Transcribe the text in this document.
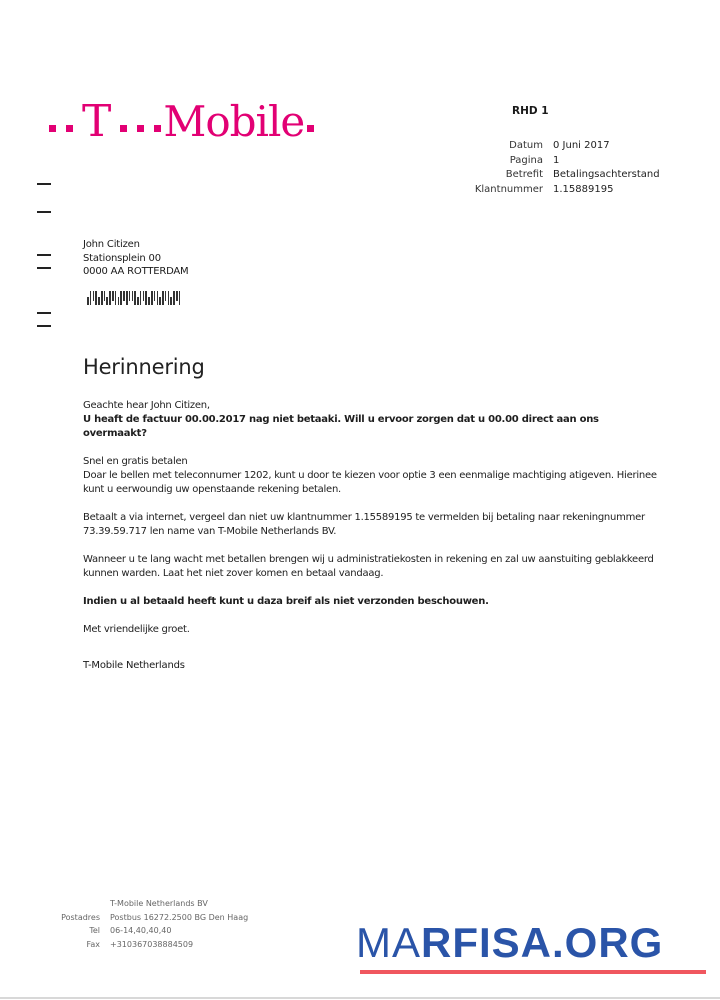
T Mobile	RHD 1
Datum	0 Juni 2017
Pagina	1
Betrefit	Betalingsachterstand
Klantnummer	1.15889195
John Citizen
Stationsplein 00
0000 AA ROTTERDAM
Herinnering

Geachte hear John Citizen,
U heaft de factuur 00.00.2017 nag niet betaaki. Will u ervoor zorgen dat u 00.00 direct aan ons overmaakt?

Snel en gratis betalen
Doar le bellen met teleconnumer 1202, kunt u door te kiezen voor optie 3 een eenmalige machtiging atigeven. Hierinee kunt u eerwoundig uw openstaande rekening betalen.

Betaalt a via internet, vergeel dan niet uw klantnummer 1.15589195 te vermelden bij betaling naar rekeningnummer 73.39.59.717 len name van T-Mobile Netherlands BV.

Wanneer u te lang wacht met betallen brengen wij u administratiekosten in rekening en zal uw aanstuiting geblakkeerd kunnen warden. Laat het niet zover komen en betaal vandaag.

Indien u al betaald heeft kunt u daza breif als niet verzonden beschouwen.

Met vriendelijke groet.

T-Mobile Netherlands
T-Mobile Netherlands BV
Postadres	Postbus 16272.2500 BG Den Haag
Tel	06-14,40,40,40
Fax	+310367038884509	MARFISA.ORG
